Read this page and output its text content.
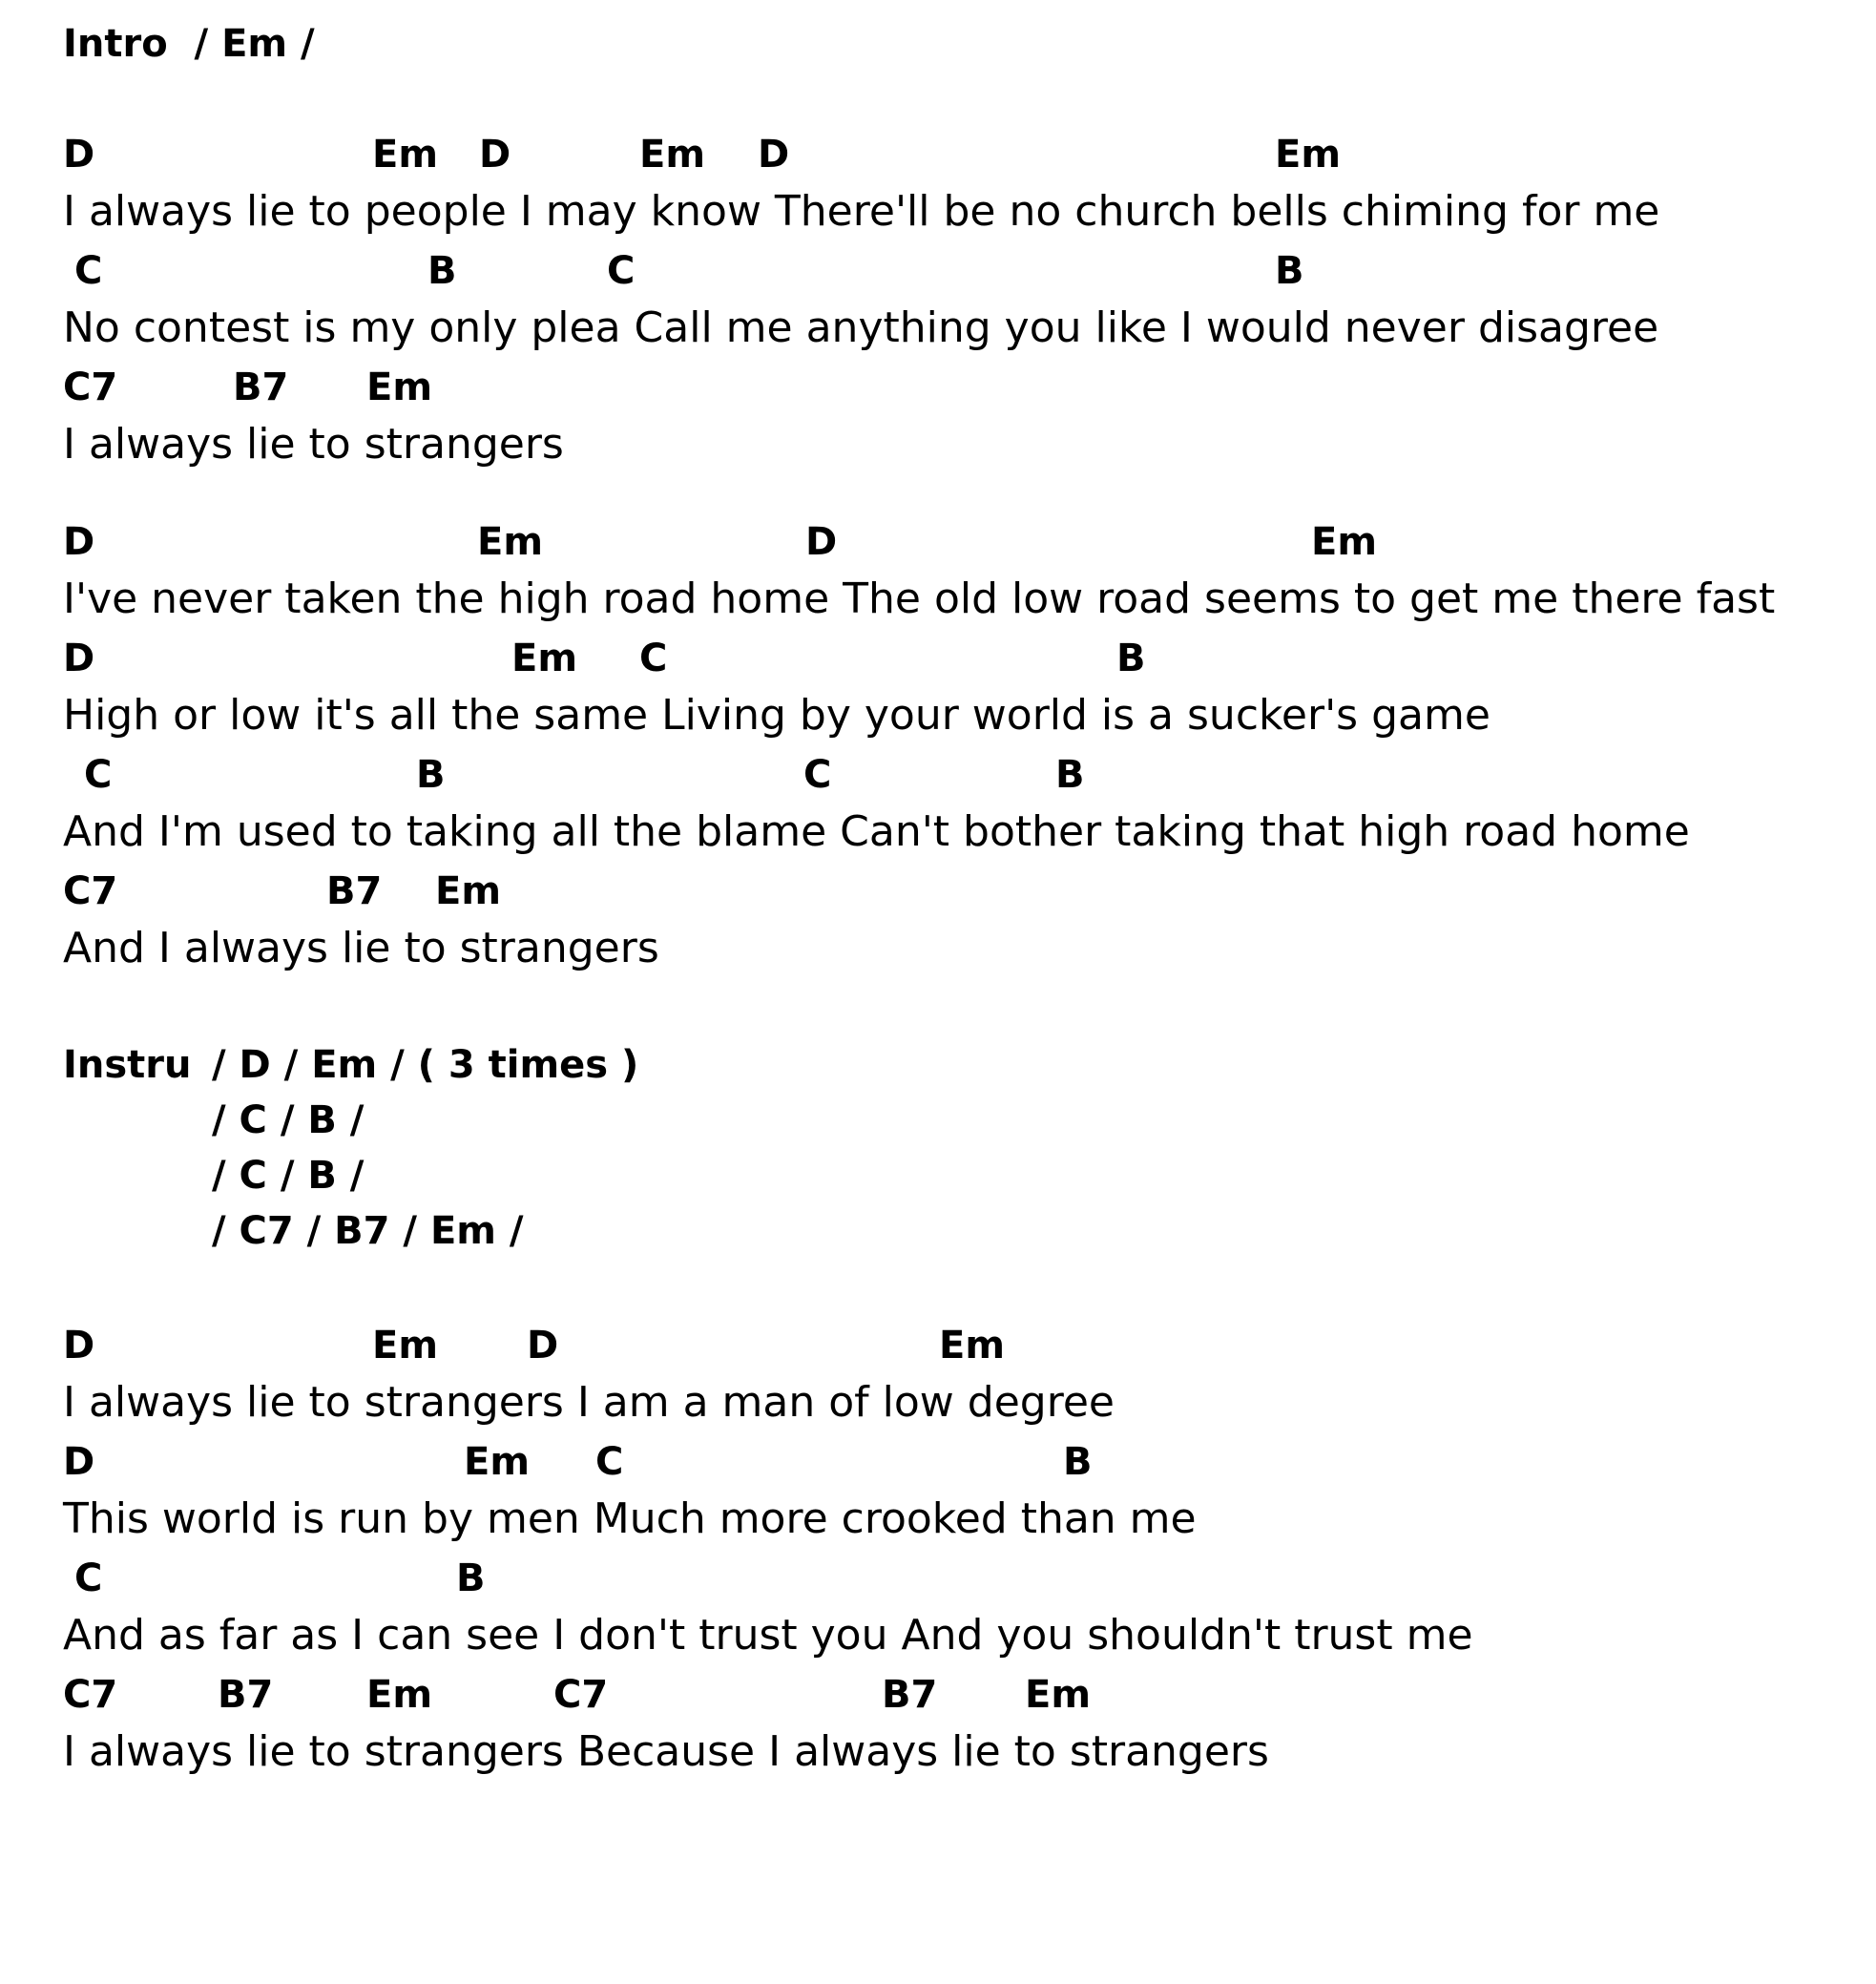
Intro  / Em /

D

	Em

D

	Em

D

	Em

I always lie to people I may know There'll be no church bells chiming for me

C

	B

	C

	B

No contest is my only plea Call me anything you like I would never disagree

C7

	B7

Em

I always lie to strangers

D

	Em

	D

	Em

I've never taken the high road home The old low road seems to get me there fast

D

	Em

C

	B

High or low it's all the same Living by your world is a sucker's game

C

	B

	C

	B

And I'm used to taking all the blame Can't bother taking that high road home

C7

	B7

Em

And I always lie to strangers
Instru / D / Em / ( 3 times )
/ C / B /
/ C / B /
/ C7 / B7 / Em /

D

	Em

D

	Em

I always lie to strangers I am a man of low degree

D

	Em

C

	B

This world is run by men Much more crooked than me

C

	B

And as far as I can see I don't trust you And you shouldn't trust me

C7

	B7

Em

	C7

	B7

Em

I always lie to strangers Because I always lie to strangers
